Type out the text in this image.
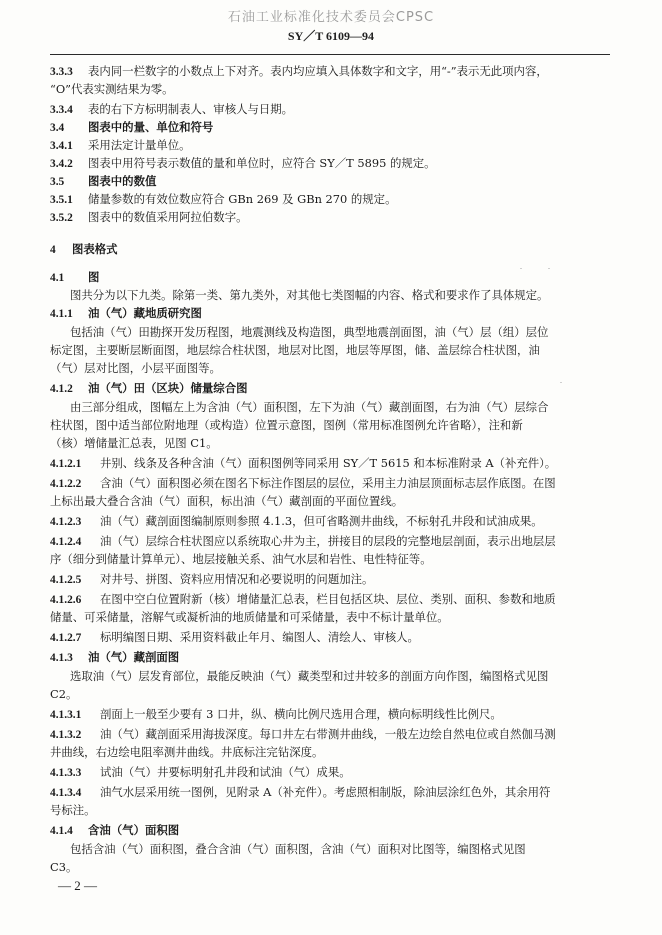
石油工业标准化技术委员会CPSC
SY／T 6109—94
3.3.3 表内同一栏数字的小数点上下对齐。表内均应填入具体数字和文字，用“-”表示无此项内容，
“O”代表实测结果为零。
3.3.4 表的右下方标明制表人、审核人与日期。
3.4 图表中的量、单位和符号
3.4.1 采用法定计量单位。
3.4.2 图表中用符号表示数值的量和单位时，应符合 SY／T 5895 的规定。
3.5 图表中的数值
3.5.1 储量参数的有效位数应符合 GBn 269 及 GBn 270 的规定。
3.5.2 图表中的数值采用阿拉伯数字。
4 图表格式
4.1 图
图共分为以下九类。除第一类、第九类外，对其他七类图幅的内容、格式和要求作了具体规定。
4.1.1 油（气）藏地质研究图
包括油（气）田勘探开发历程图，地震测线及构造图，典型地震剖面图，油（气）层（组）层位
标定图，主要断层断面图，地层综合柱状图，地层对比图，地层等厚图，储、盖层综合柱状图，油
（气）层对比图，小层平面图等。
4.1.2 油（气）田（区块）储量综合图
由三部分组成，图幅左上为含油（气）面积图，左下为油（气）藏剖面图，右为油（气）层综合
柱状图，图中适当部位附地理（或构造）位置示意图，图例（常用标准图例允许省略），注和新
（核）增储量汇总表，见图 C1。
4.1.2.1 井别、线条及各种含油（气）面积图例等同采用 SY／T 5615 和本标准附录 A（补充件）。
4.1.2.2 含油（气）面积图必须在图名下标注作图层的层位，采用主力油层顶面标志层作底图。在图
上标出最大叠合含油（气）面积，标出油（气）藏剖面的平面位置线。
4.1.2.3 油（气）藏剖面图编制原则参照 4.1.3，但可省略测井曲线，不标射孔井段和试油成果。
4.1.2.4 油（气）层综合柱状图应以系统取心井为主，拼接目的层段的完整地层剖面，表示出地层层
序（细分到储量计算单元）、地层接触关系、油气水层和岩性、电性特征等。
4.1.2.5 对井号、拼图、资料应用情况和必要说明的问题加注。
4.1.2.6 在图中空白位置附新（核）增储量汇总表，栏目包括区块、层位、类别、面积、参数和地质
储量、可采储量，溶解气或凝析油的地质储量和可采储量，表中不标计量单位。
4.1.2.7 标明编图日期、采用资料截止年月、编图人、清绘人、审核人。
4.1.3 油（气）藏剖面图
选取油（气）层发育部位，最能反映油（气）藏类型和过井较多的剖面方向作图，编图格式见图
C2。
4.1.3.1 剖面上一般至少要有 3 口井，纵、横向比例尺选用合理，横向标明线性比例尺。
4.1.3.2 油（气）藏剖面采用海拔深度。每口井左右带测井曲线，一般左边绘自然电位或自然伽马测
井曲线，右边绘电阻率测井曲线。井底标注完钻深度。
4.1.3.3 试油（气）井要标明射孔井段和试油（气）成果。
4.1.3.4 油气水层采用统一图例，见附录 A（补充件）。考虑照相制版，除油层涂红色外，其余用符
号标注。
4.1.4 含油（气）面积图
包括含油（气）面积图，叠合含油（气）面积图，含油（气）面积对比图等，编图格式见图
C3。
— 2 —
